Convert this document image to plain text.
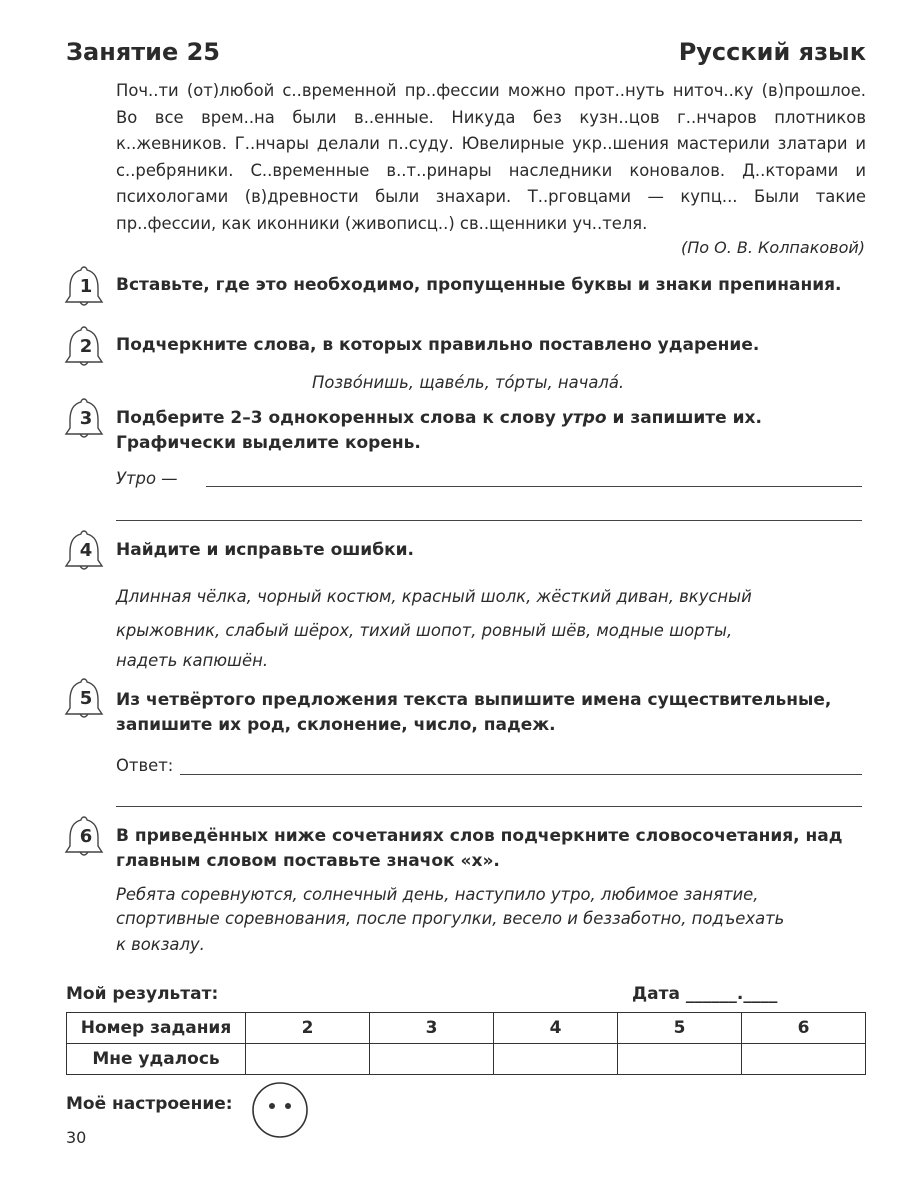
Занятие 25	Русский язык

Поч..ти (от)любой с..временной пр..фессии можно прот..нуть ниточ..ку (в)прошлое. Во все врем..на были в..енные. Никуда без кузн..цов г..нчаров плотников к..жевников. Г..нчары делали п..суду. Ювелирные укр..шения мастерили златари и с..ребряники. С..временные в..т..ринары наследники коновалов. Д..кторами и психологами (в)древности были знахари. Т..рговцами — купц... Были такие пр..фессии, как иконники (живописц..) св..щенники уч..теля.

(По О. В. Колпаковой)
1 Вставьте, где это необходимо, пропущенные буквы и знаки препинания.
2 Подчеркните слова, в которых правильно поставлено ударение.
Позвóнишь, щавéль, тóрты, началá.
3 Подберите 2–3 однокоренных слова к слову утро и запишите их. Графически выделите корень.
Утро —
4 Найдите и исправьте ошибки.
Длинная чёлка, чорный костюм, красный шолк, жёсткий диван, вкусный
крыжовник, слабый шёрох, тихий шопот, ровный шёв, модные шорты,
надеть капюшён.
5 Из четвёртого предложения текста выпишите имена существительные, запишите их род, склонение, число, падеж.
Ответ:
6 В приведённых ниже сочетаниях слов подчеркните словосочетания, над главным словом поставьте значок «х».
Ребята соревнуются, солнечный день, наступило утро, любимое занятие,
спортивные соревнования, после прогулки, весело и беззаботно, подъехать
к вокзалу.
Мой результат:	Дата ______.____
Номер задания	2	3	4	5	6
Мне удалось					
Моё настроение:
30
